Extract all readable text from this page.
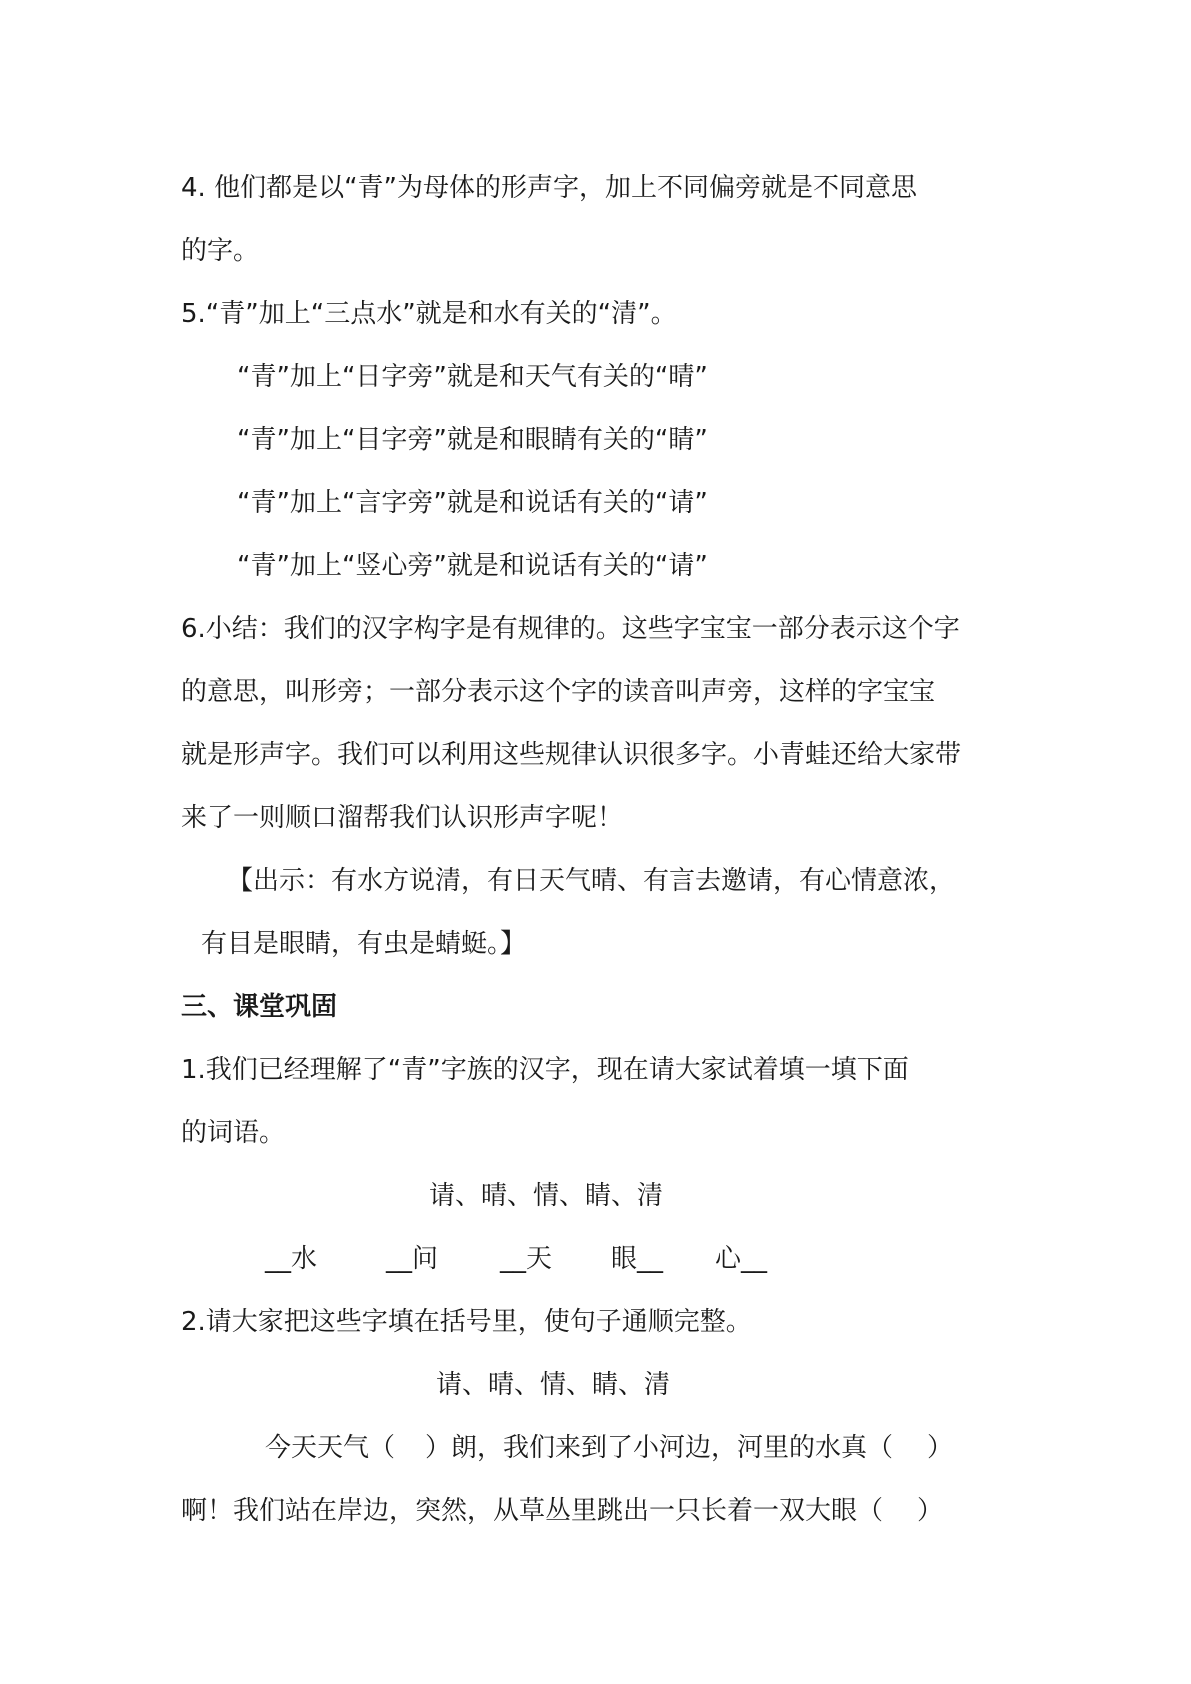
4. 他们都是以“青”为母体的形声字，加上不同偏旁就是不同意思
的字。
5.“青”加上“三点水”就是和水有关的“清”。
“青”加上“日字旁”就是和天气有关的“晴”
“青”加上“目字旁”就是和眼睛有关的“睛”
“青”加上“言字旁”就是和说话有关的“请”
“青”加上“竖心旁”就是和说话有关的“请”
6.小结：我们的汉字构字是有规律的。这些字宝宝一部分表示这个字
的意思，叫形旁；一部分表示这个字的读音叫声旁，这样的字宝宝
就是形声字。我们可以利用这些规律认识很多字。小青蛙还给大家带
来了一则顺口溜帮我们认识形声字呢！
【出示：有水方说清，有日天气晴、有言去邀请，有心情意浓，
有目是眼睛，有虫是蜻蜓。】
三、课堂巩固
1.我们已经理解了“青”字族的汉字，现在请大家试着填一填下面
的词语。
请、晴、情、睛、清
__水	__问 __天 眼__ 心__
2.请大家把这些字填在括号里，使句子通顺完整。
请、晴、情、睛、清
今天天气（ ）朗，我们来到了小河边，河里的水真（ ）
啊！我们站在岸边，突然，从草丛里跳出一只长着一双大眼（ ）
